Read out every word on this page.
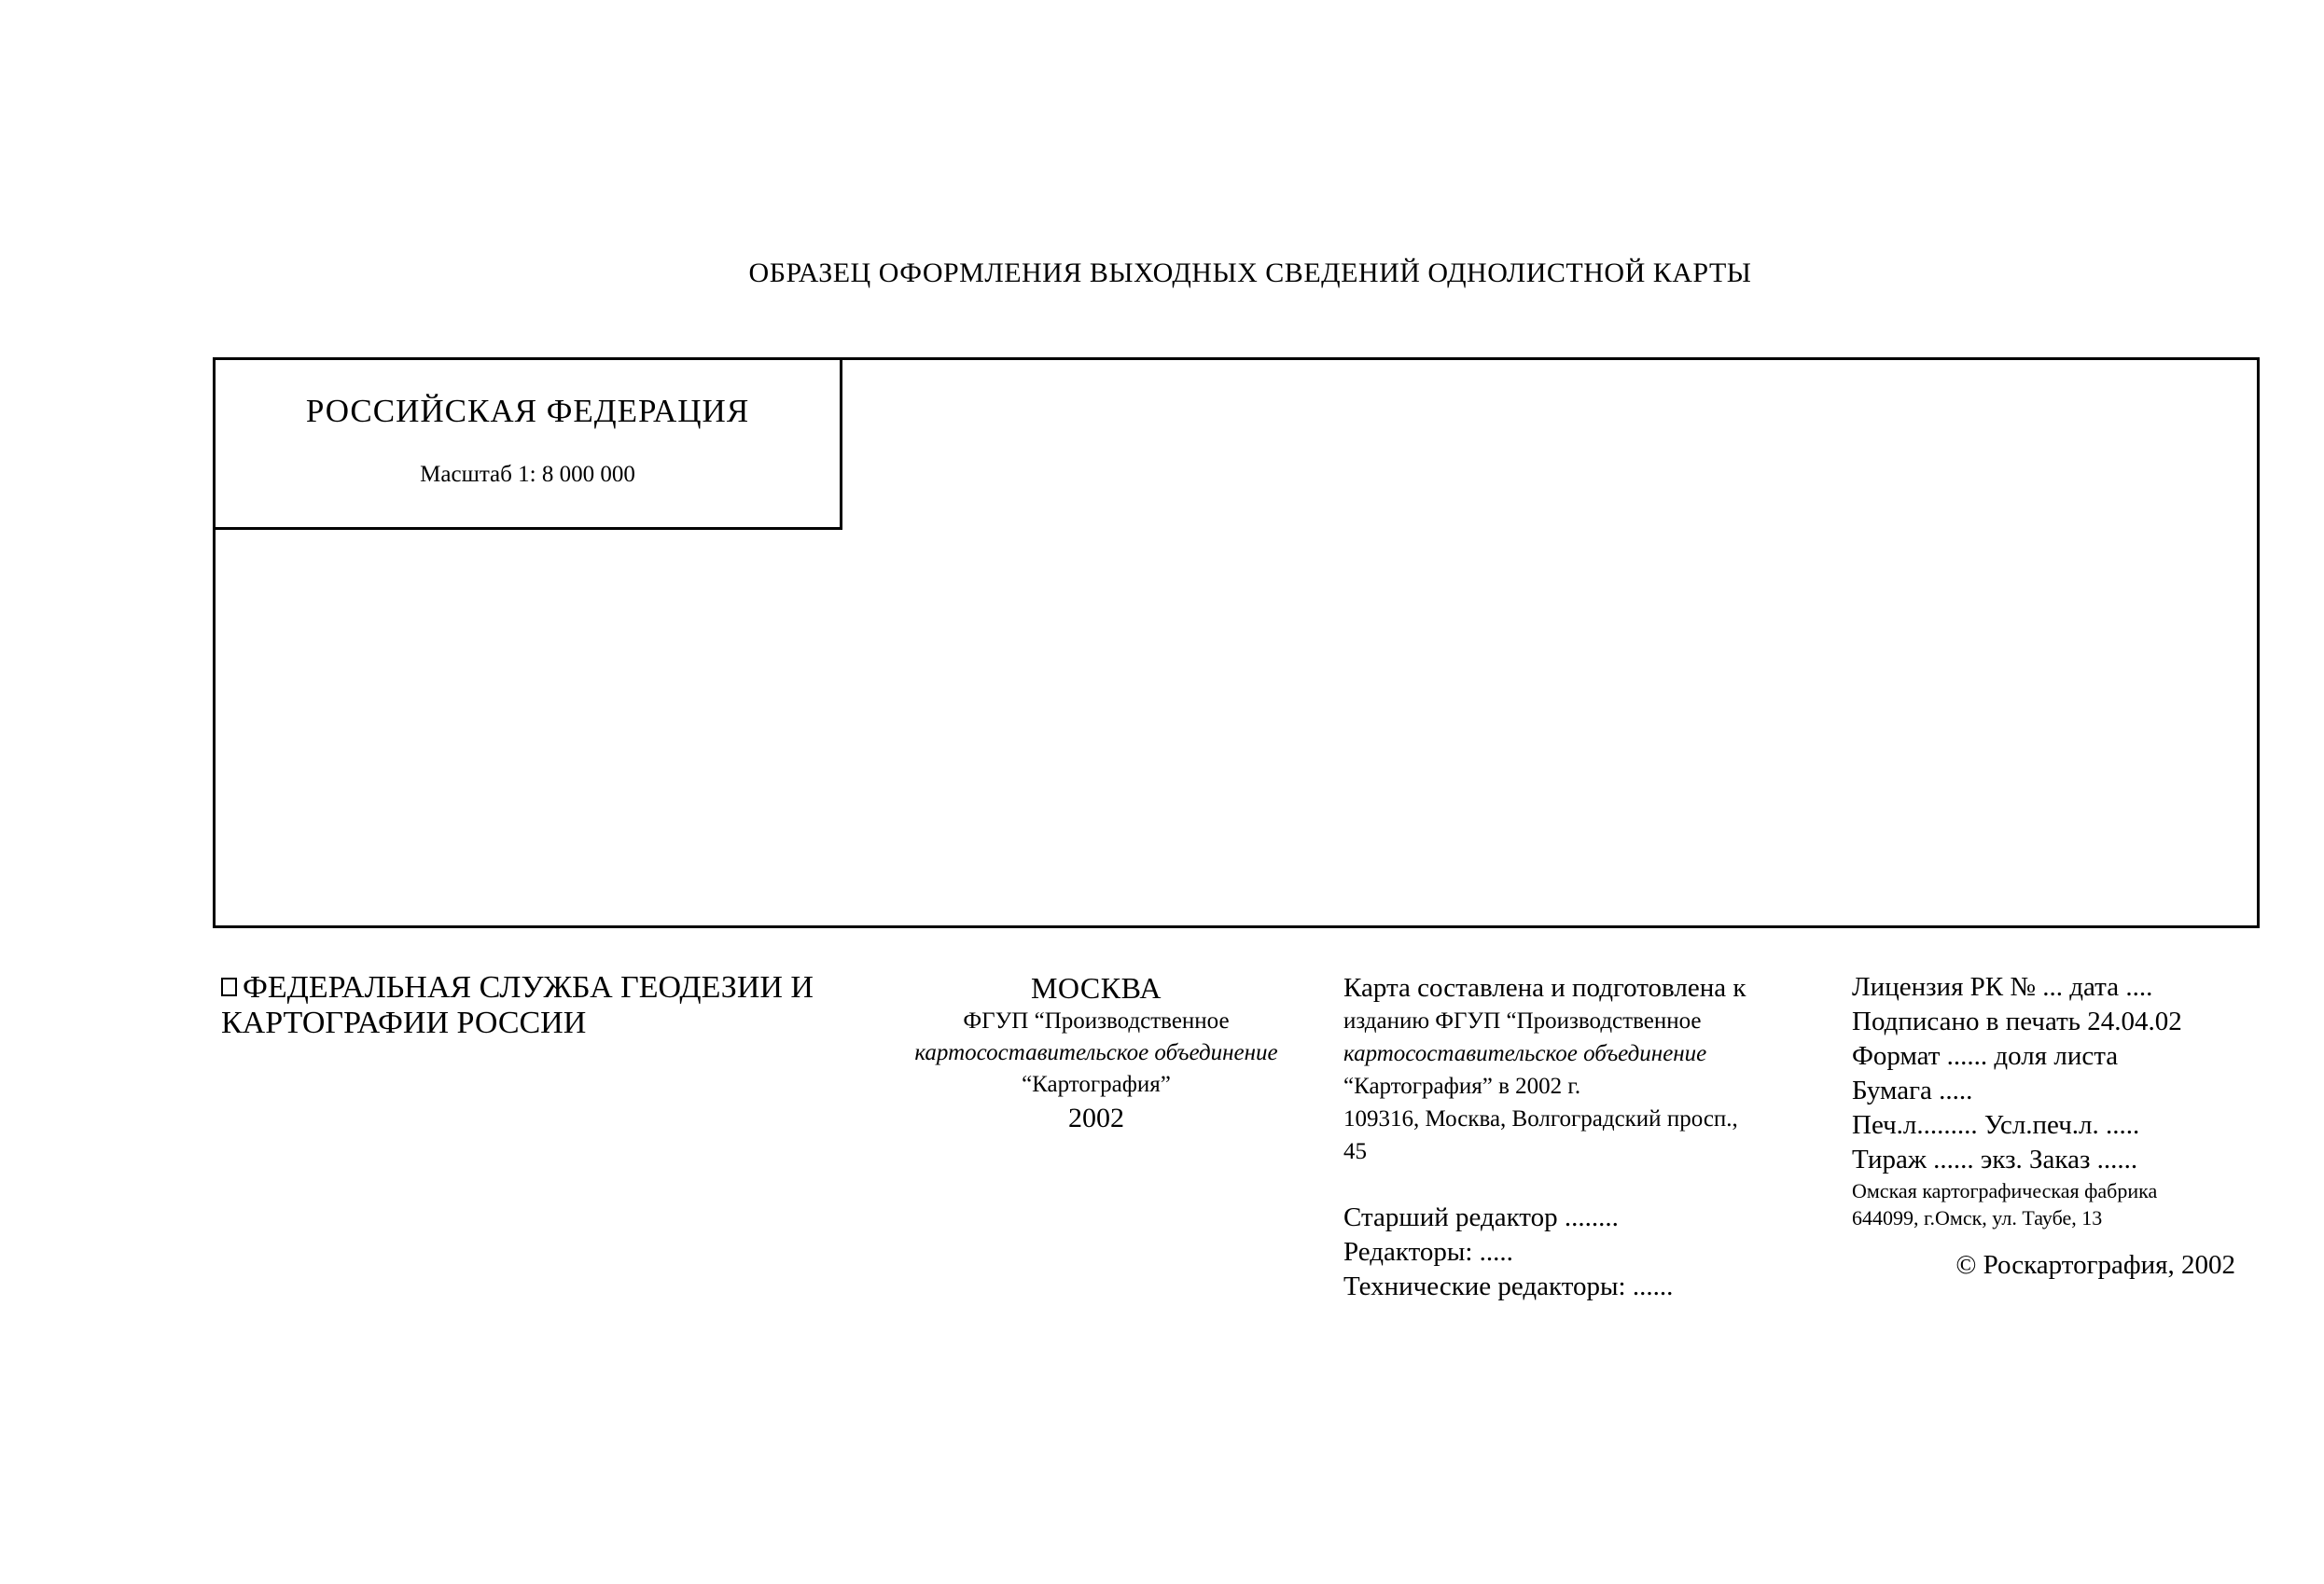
ОБРАЗЕЦ ОФОРМЛЕНИЯ ВЫХОДНЫХ СВЕДЕНИЙ ОДНОЛИСТНОЙ КАРТЫ
РОССИЙСКАЯ ФЕДЕРАЦИЯ
Масштаб 1: 8 000 000
ФЕДЕРАЛЬНАЯ СЛУЖБА ГЕОДЕЗИИ И
КАРТОГРАФИИ РОССИИ
МОСКВА
ФГУП “Производственное
картосоставительское объединение
“Картография”
2002
Карта составлена и подготовлена к
изданию ФГУП “Производственное
картосоставительское объединение
“Картография” в 2002 г.
109316, Москва, Волгоградский просп.,
45
Старший редактор ........
Редакторы: .....
Технические редакторы: ......
Лицензия РК № ... дата ....
Подписано в печать 24.04.02
Формат ...... доля листа
Бумага .....
Печ.л......... Усл.печ.л. .....
Тираж ...... экз. Заказ ......
Омская картографическая фабрика
644099, г.Омск, ул. Таубе, 13
© Роскартография, 2002
